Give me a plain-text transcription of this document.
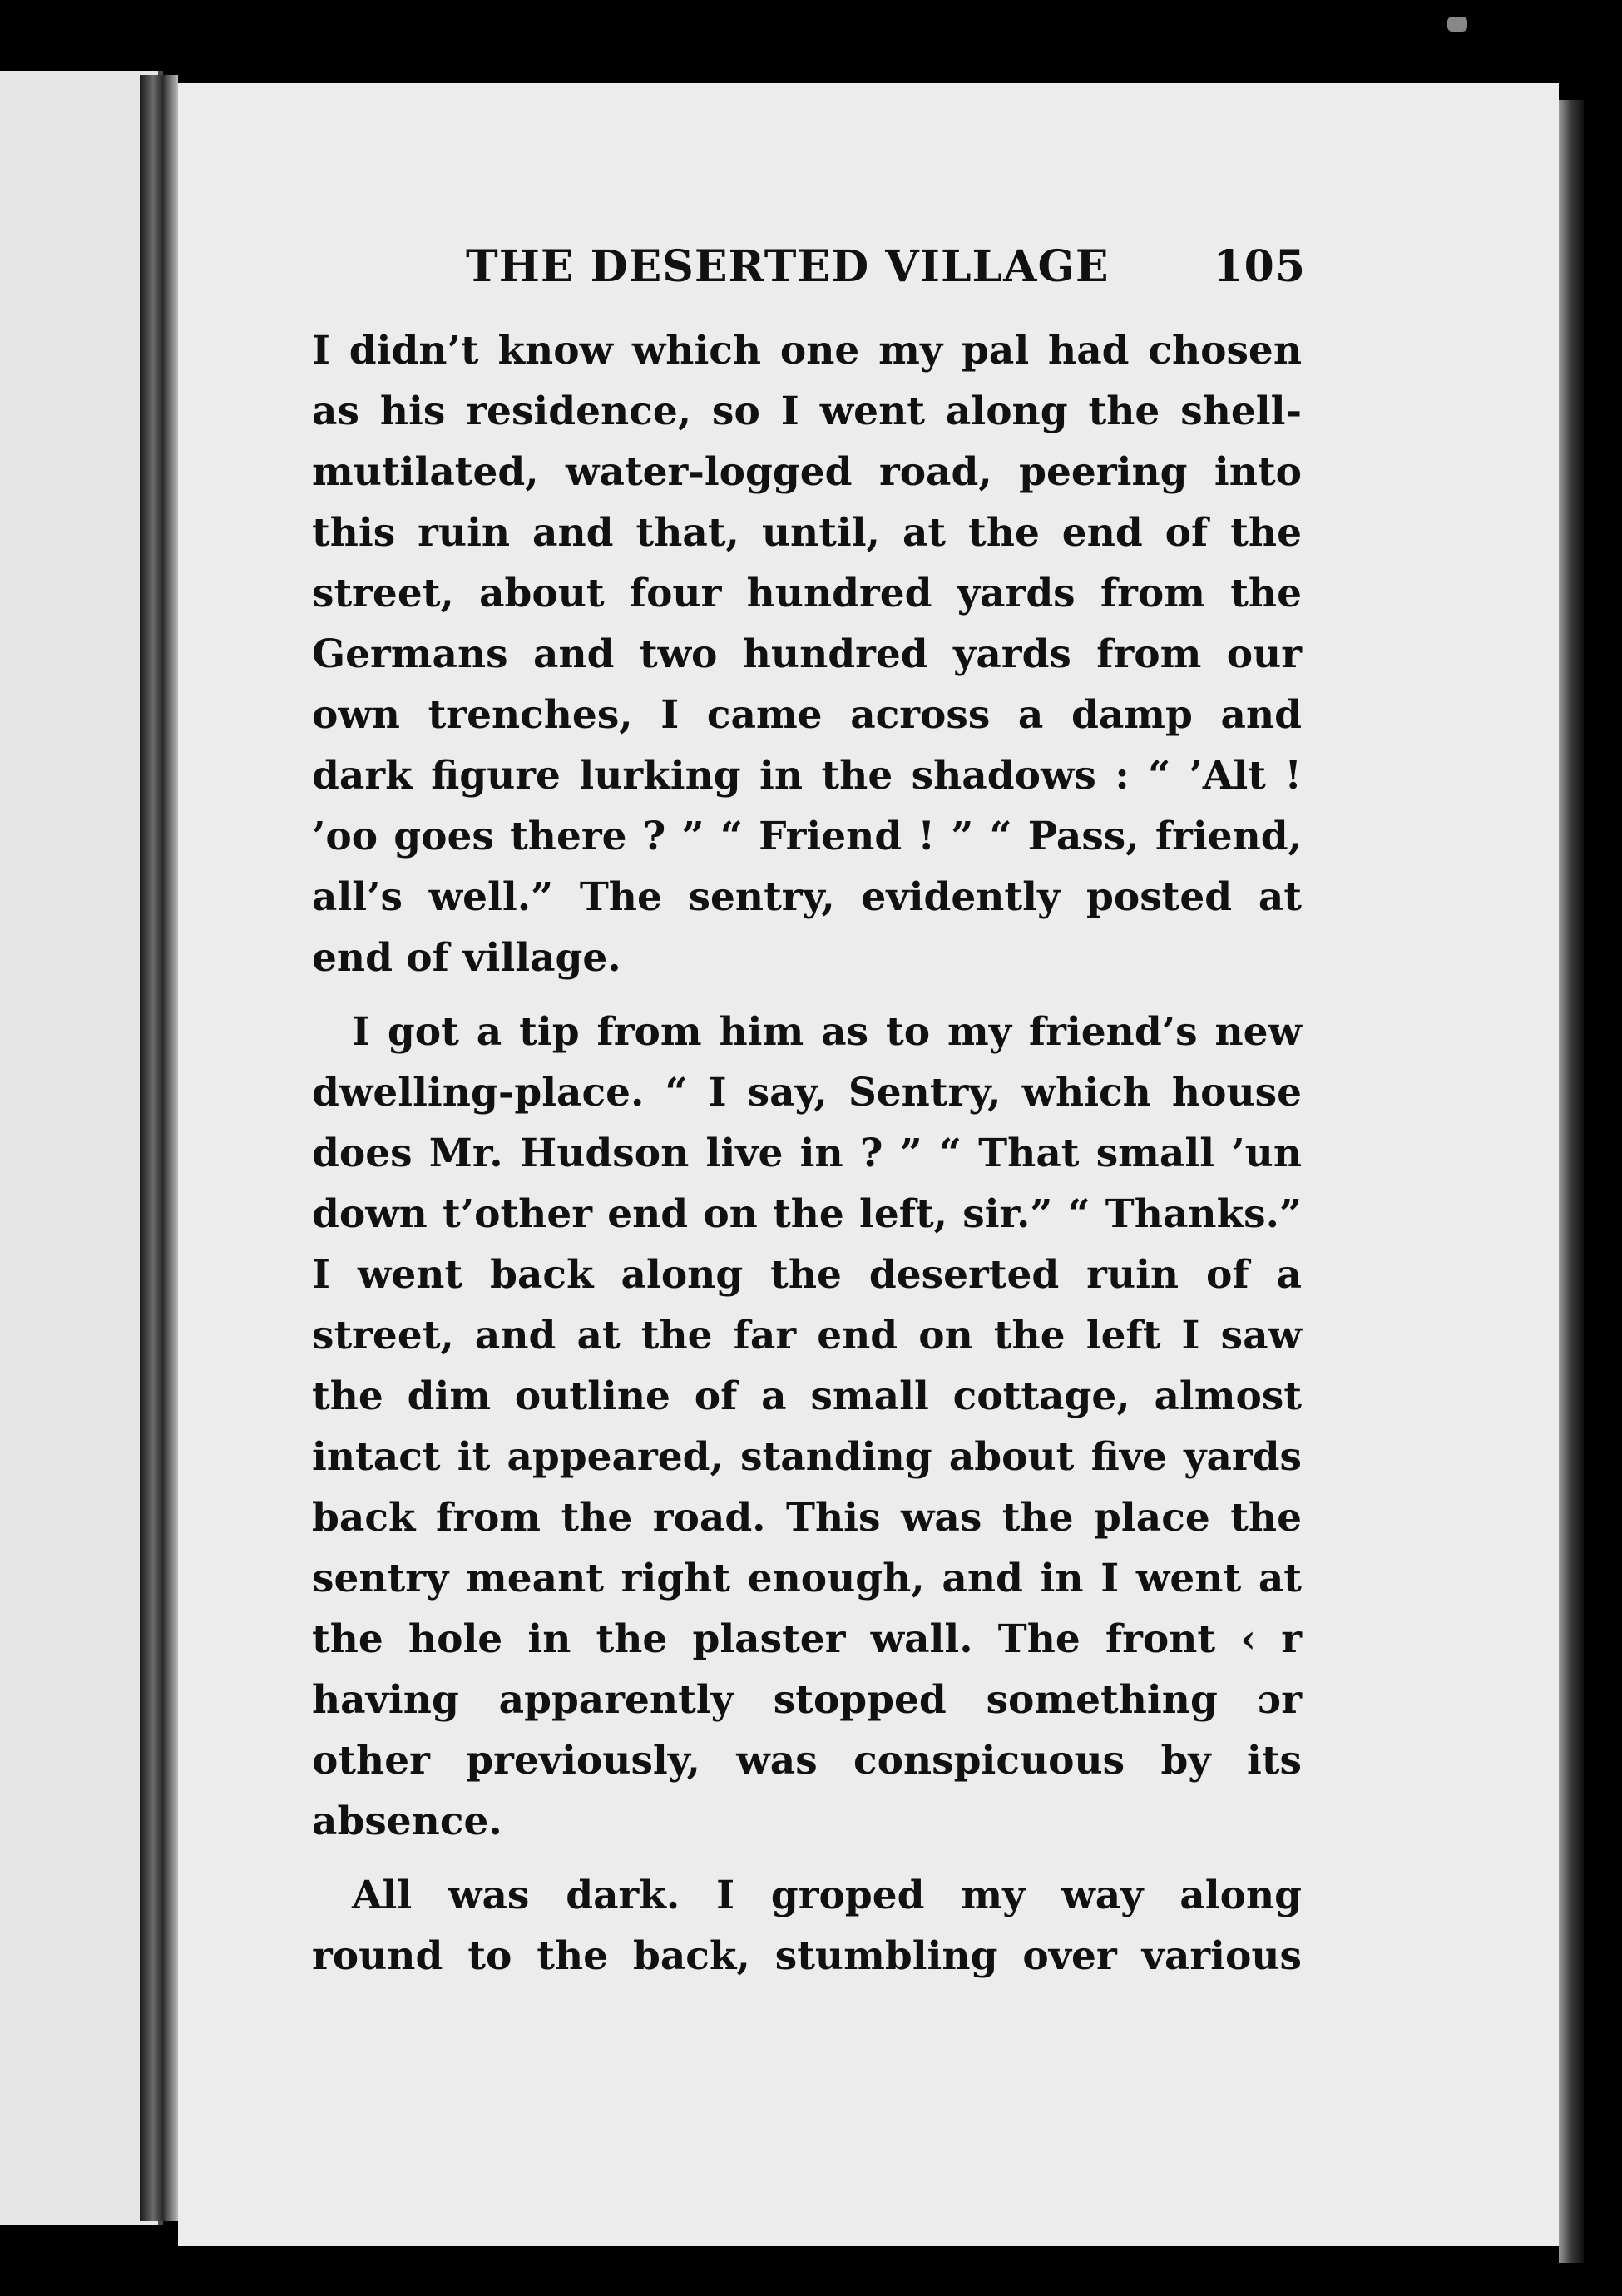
THE DESERTED VILLAGE 105
I didn’t know which one my pal had chosen
as his residence, so I went along the shell-
mutilated, water-logged road, peering into
this ruin and that, until, at the end of the
street, about four hundred yards from the
Germans and two hundred yards from our
own trenches, I came across a damp and
dark figure lurking in the shadows : “ ’Alt !
’oo goes there ? ” “ Friend ! ” “ Pass, friend,
all’s well.” The sentry, evidently posted at
end of village.
I got a tip from him as to my friend’s new
dwelling-place. “ I say, Sentry, which house
does Mr. Hudson live in ? ” “ That small ’un
down t’other end on the left, sir.” “ Thanks.”
I went back along the deserted ruin of a
street, and at the far end on the left I saw
the dim outline of a small cottage, almost
intact it appeared, standing about five yards
back from the road. This was the place the
sentry meant right enough, and in I went at
the hole in the plaster wall. The front ‹ r
having apparently stopped something ɔr
other previously, was conspicuous by its
absence.
All was dark. I groped my way along
round to the back, stumbling over various
